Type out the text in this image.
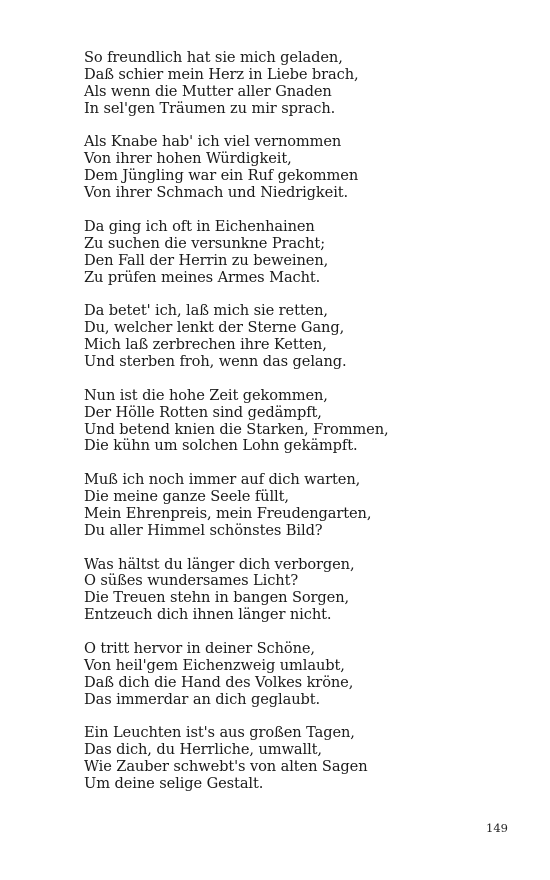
So freundlich hat sie mich geladen,
Daß schier mein Herz in Liebe brach,
Als wenn die Mutter aller Gnaden
In sel'gen Träumen zu mir sprach.
Als Knabe hab' ich viel vernommen
Von ihrer hohen Würdigkeit,
Dem Jüngling war ein Ruf gekommen
Von ihrer Schmach und Niedrigkeit.
Da ging ich oft in Eichenhainen
Zu suchen die versunkne Pracht;
Den Fall der Herrin zu beweinen,
Zu prüfen meines Armes Macht.
Da betet' ich, laß mich sie retten,
Du, welcher lenkt der Sterne Gang,
Mich laß zerbrechen ihre Ketten,
Und sterben froh, wenn das gelang.
Nun ist die hohe Zeit gekommen,
Der Hölle Rotten sind gedämpft,
Und betend knien die Starken, Frommen,
Die kühn um solchen Lohn gekämpft.
Muß ich noch immer auf dich warten,
Die meine ganze Seele füllt,
Mein Ehrenpreis, mein Freudengarten,
Du aller Himmel schönstes Bild?
Was hältst du länger dich verborgen,
O süßes wundersames Licht?
Die Treuen stehn in bangen Sorgen,
Entzeuch dich ihnen länger nicht.
O tritt hervor in deiner Schöne,
Von heil'gem Eichenzweig umlaubt,
Daß dich die Hand des Volkes kröne,
Das immerdar an dich geglaubt.
Ein Leuchten ist's aus großen Tagen,
Das dich, du Herrliche, umwallt,
Wie Zauber schwebt's von alten Sagen
Um deine selige Gestalt.
149
